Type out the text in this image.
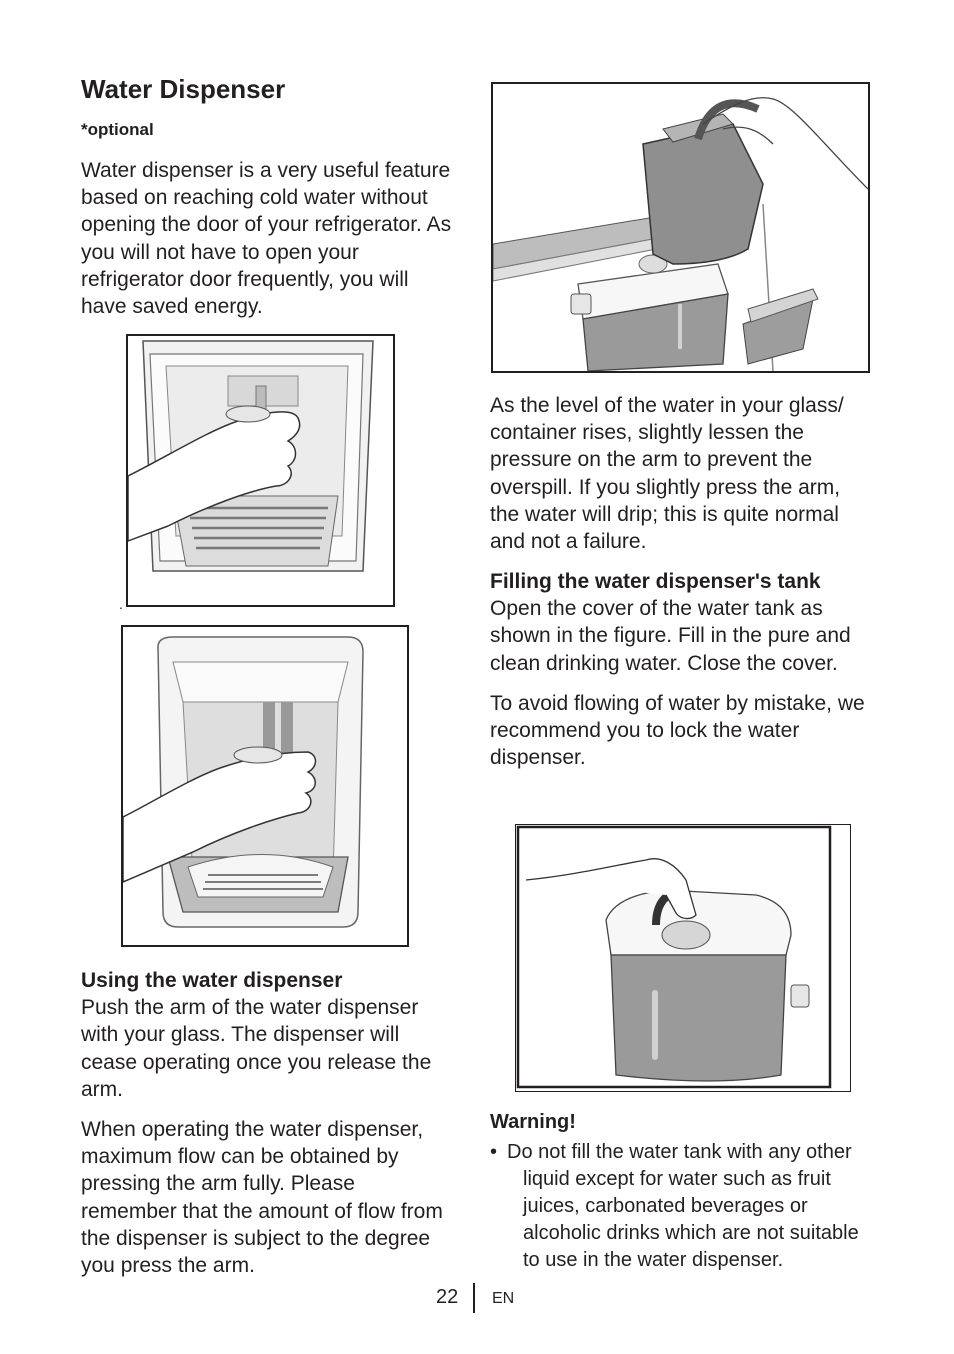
Water Dispenser
*optional

Water dispenser is a very useful feature based on reaching cold water without opening the door of your refrigerator. As you will not have to open your refrigerator door frequently, you will have saved energy.

.

Using the water dispenser
Push the arm of the water dispenser with your glass. The dispenser will cease operating once you release the arm.

When operating the water dispenser, maximum flow can be obtained by pressing the arm fully. Please remember that the amount of flow from the dispenser is subject to the degree you press the arm.

As the level of the water in your glass/ container rises, slightly lessen the pressure on the arm to prevent the overspill. If you slightly press the arm, the water will drip; this is quite normal and not a failure.

Filling the water dispenser's tank
Open the cover of the water tank as shown in the figure. Fill in the pure and clean drinking water. Close the cover.

To avoid flowing of water by mistake, we recommend you to lock the water dispenser.

Warning!
• Do not fill the water tank with any other liquid except for water such as fruit juices, carbonated beverages or alcoholic drinks which are not suitable to use in the water dispenser.
22 EN
